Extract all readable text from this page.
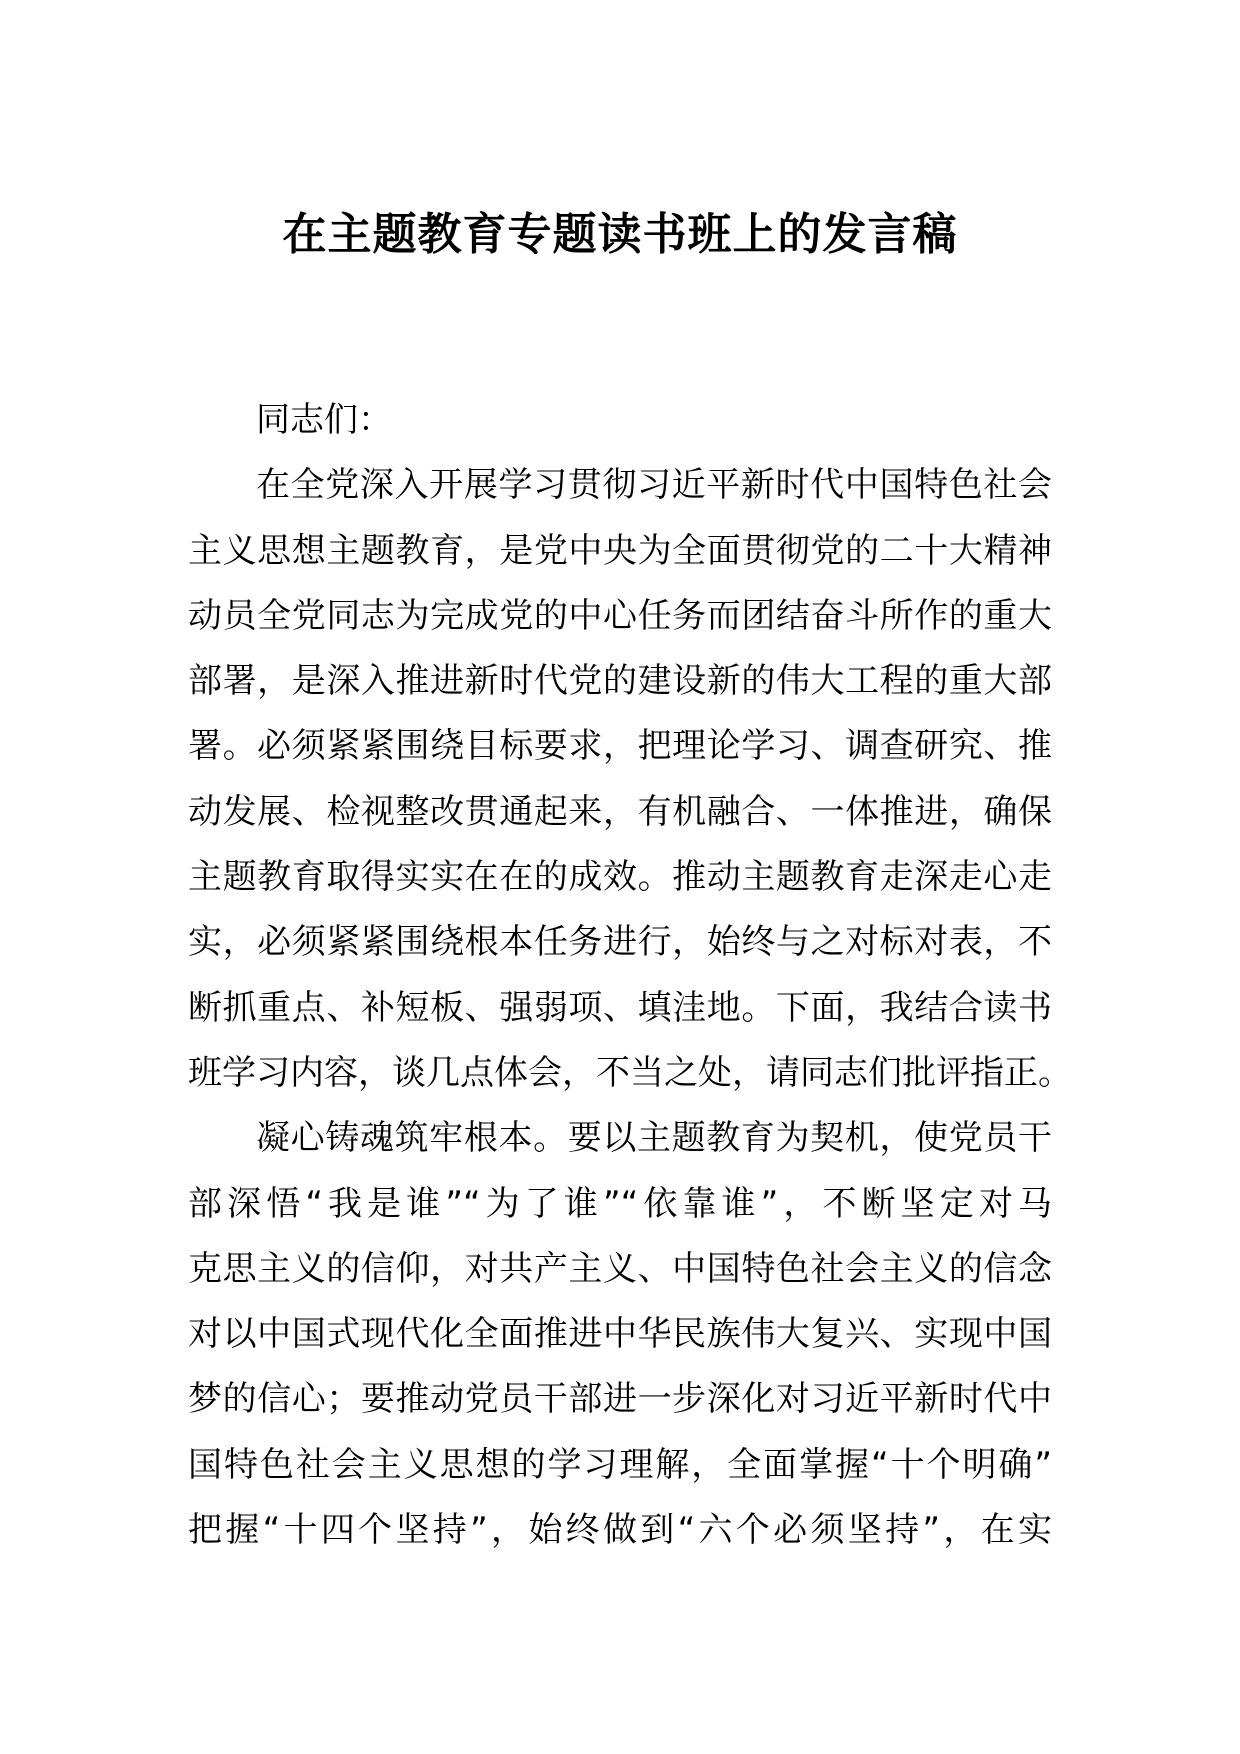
在主题教育专题读书班上的发言稿
同志们：

在全党深入开展学习贯彻习近平新时代中国特色社会
主义思想主题教育，是党中央为全面贯彻党的二十大精神
动员全党同志为完成党的中心任务而团结奋斗所作的重大
部署，是深入推进新时代党的建设新的伟大工程的重大部
署。必须紧紧围绕目标要求，把理论学习、调查研究、推
动发展、检视整改贯通起来，有机融合、一体推进，确保
主题教育取得实实在在的成效。推动主题教育走深走心走
实，必须紧紧围绕根本任务进行，始终与之对标对表，不
断抓重点、补短板、强弱项、填洼地。下面，我结合读书
班学习内容，谈几点体会，不当之处，请同志们批评指正。

凝心铸魂筑牢根本。要以主题教育为契机，使党员干
部深悟“我是谁”“为了谁”“依靠谁”，不断坚定对马
克思主义的信仰，对共产主义、中国特色社会主义的信念
对以中国式现代化全面推进中华民族伟大复兴、实现中国
梦的信心；要推动党员干部进一步深化对习近平新时代中
国特色社会主义思想的学习理解，全面掌握“十个明确”
把握“十四个坚持”，始终做到“六个必须坚持”，在实
